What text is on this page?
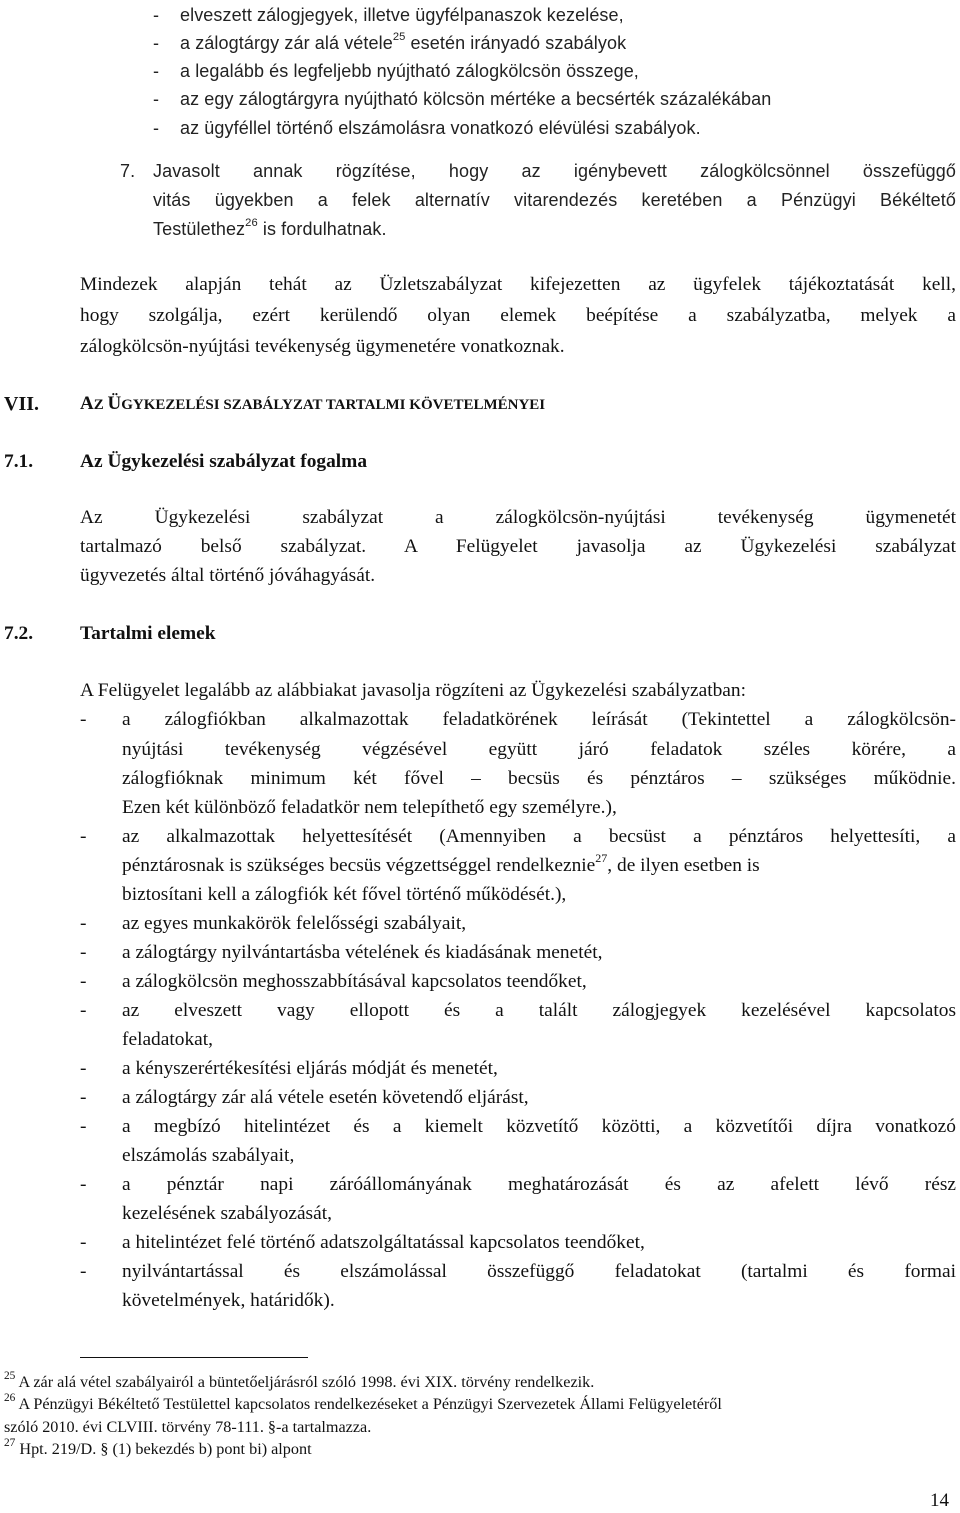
- elveszett zálogjegyek, illetve ügyfélpanaszok kezelése,
- a zálogtárgy zár alá vétele$^{25}$ esetén irányadó szabályok
- a legalább és legfeljebb nyújtható zálogkölcsön összege,
- az egy zálogtárgyra nyújtható kölcsön mértéke a becsérték százalékában
- az ügyféllel történő elszámolásra vonatkozó elévülési szabályok.
7. Javasolt annak rögzítése, hogy az igénybevett zálogkölcsönnel összefüggő
vitás ügyekben a felek alternatív vitarendezés keretében a Pénzügyi Békéltető
Testülethez$^{26}$ is fordulhatnak.
Mindezek alapján tehát az Üzletszabályzat kifejezetten az ügyfelek tájékoztatását kell,
hogy szolgálja, ezért kerülendő olyan elemek beépítése a szabályzatba, melyek a
zálogkölcsön-nyújtási tevékenység ügymenetére vonatkoznak.
VII. AZ ÜGYKEZELÉSI SZABÁLYZAT TARTALMI KÖVETELMÉNYEI
7.1. Az Ügykezelési szabályzat fogalma
Az Ügykezelési szabályzat a zálogkölcsön-nyújtási tevékenység ügymenetét
tartalmazó belső szabályzat. A Felügyelet javasolja az Ügykezelési szabályzat
ügyvezetés által történő jóváhagyását.
7.2. Tartalmi elemek
A Felügyelet legalább az alábbiakat javasolja rögzíteni az Ügykezelési szabályzatban:
- a zálogfiókban alkalmazottak feladatkörének leírását (Tekintettel a zálogkölcsön-
nyújtási tevékenység végzésével együtt járó feladatok széles körére, a
zálogfióknak minimum két fővel – becsüs és pénztáros – szükséges működnie.
Ezen két különböző feladatkör nem telepíthető egy személyre.),
- az alkalmazottak helyettesítését (Amennyiben a becsüst a pénztáros helyettesíti, a
pénztárosnak is szükséges becsüs végzettséggel rendelkeznie$^{27}$, de ilyen esetben is
biztosítani kell a zálogfiók két fővel történő működését.),
- az egyes munkakörök felelősségi szabályait,
- a zálogtárgy nyilvántartásba vételének és kiadásának menetét,
- a zálogkölcsön meghosszabbításával kapcsolatos teendőket,
- az elveszett vagy ellopott és a talált zálogjegyek kezelésével kapcsolatos
feladatokat,
- a kényszerértékesítési eljárás módját és menetét,
- a zálogtárgy zár alá vétele esetén követendő eljárást,
- a megbízó hitelintézet és a kiemelt közvetítő közötti, a közvetítői díjra vonatkozó
elszámolás szabályait,
- a pénztár napi záróállományának meghatározását és az afelett lévő rész
kezelésének szabályozását,
- a hitelintézet felé történő adatszolgáltatással kapcsolatos teendőket,
- nyilvántartással és elszámolással összefüggő feladatokat (tartalmi és formai
követelmények, határidők).
$^{25}$ A zár alá vétel szabályairól a büntetőeljárásról szóló 1998. évi XIX. törvény rendelkezik.
$^{26}$ A Pénzügyi Békéltető Testülettel kapcsolatos rendelkezéseket a Pénzügyi Szervezetek Állami Felügyeletéről
szóló 2010. évi CLVIII. törvény 78-111. §-a tartalmazza.
$^{27}$ Hpt. 219/D. § (1) bekezdés b) pont bi) alpont
14
